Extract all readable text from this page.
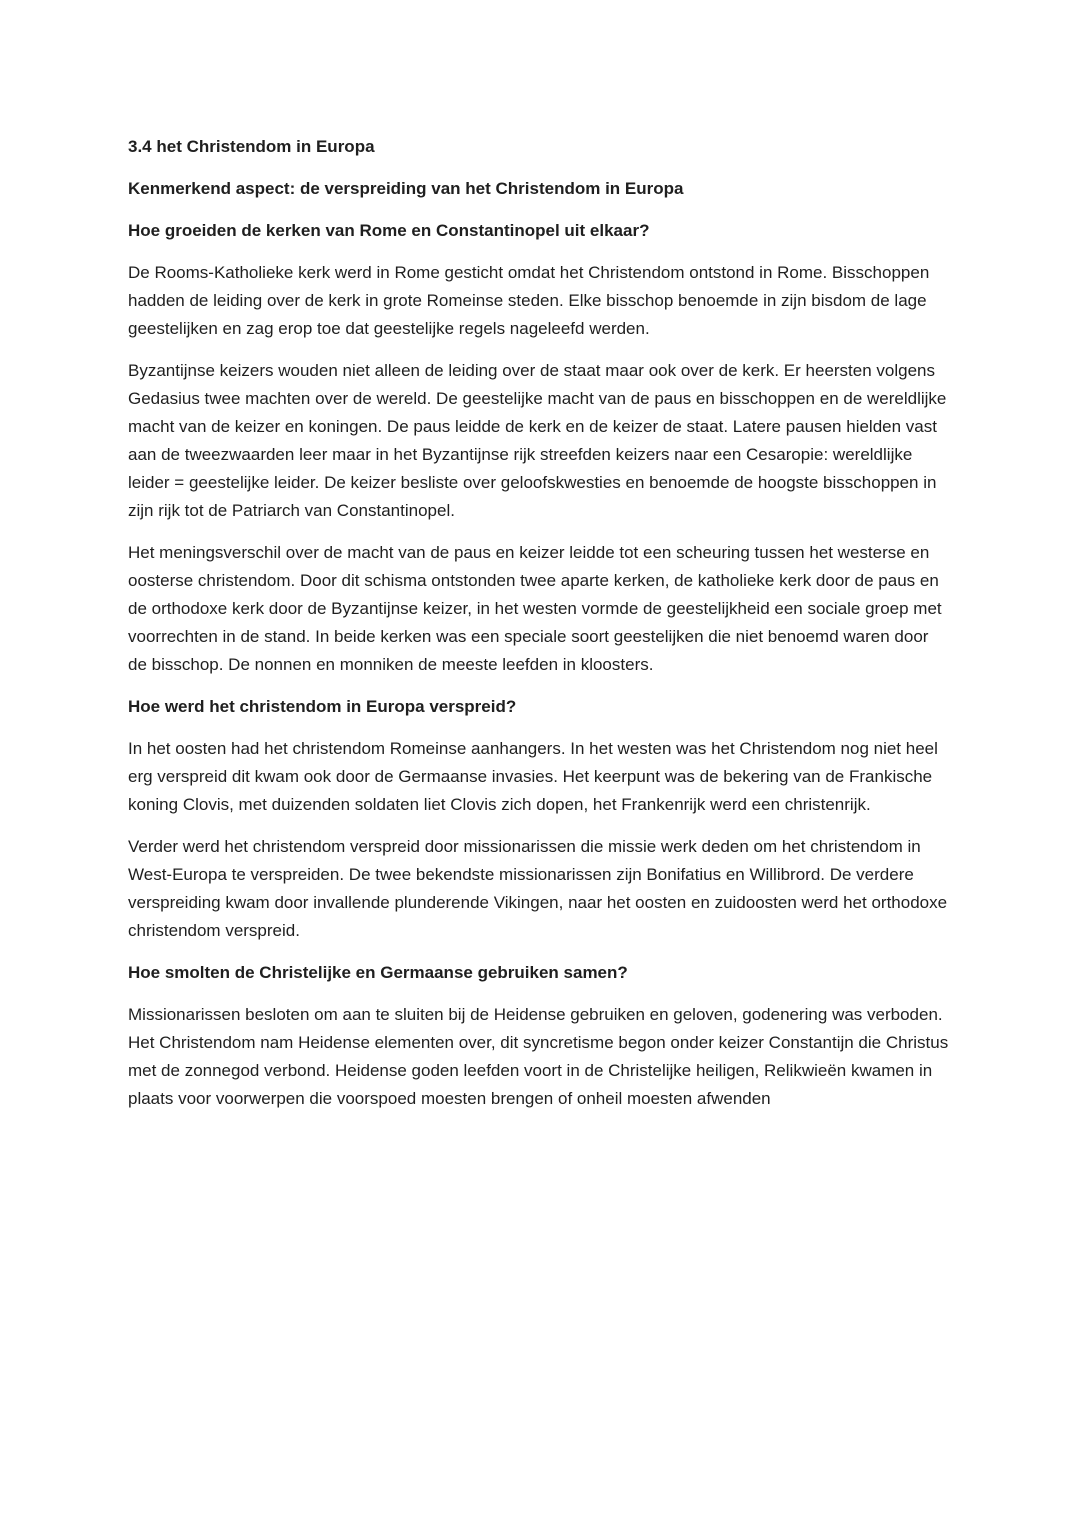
3.4 het Christendom in Europa
Kenmerkend aspect: de verspreiding van het Christendom in Europa
Hoe groeiden de kerken van Rome en Constantinopel uit elkaar?

De Rooms-Katholieke kerk werd in Rome gesticht omdat het Christendom ontstond in Rome. Bisschoppen hadden de leiding over de kerk in grote Romeinse steden. Elke bisschop benoemde in zijn bisdom de lage geestelijken en zag erop toe dat geestelijke regels nageleefd werden.

Byzantijnse keizers wouden niet alleen de leiding over de staat maar ook over de kerk. Er heersten volgens Gedasius twee machten over de wereld. De geestelijke macht van de paus en bisschoppen en de wereldlijke macht van de keizer en koningen. De paus leidde de kerk en de keizer de staat. Latere pausen hielden vast aan de tweezwaarden leer maar in het Byzantijnse rijk streefden keizers naar een Cesaropie: wereldlijke leider = geestelijke leider. De keizer besliste over geloofskwesties en benoemde de hoogste bisschoppen in zijn rijk tot de Patriarch van Constantinopel.

Het meningsverschil over de macht van de paus en keizer leidde tot een scheuring tussen het westerse en oosterse christendom. Door dit schisma ontstonden twee aparte kerken, de katholieke kerk door de paus en de orthodoxe kerk door de Byzantijnse keizer, in het westen vormde de geestelijkheid een sociale groep met voorrechten in de stand. In beide kerken was een speciale soort geestelijken die niet benoemd waren door de bisschop. De nonnen en monniken de meeste leefden in kloosters.

Hoe werd het christendom in Europa verspreid?

In het oosten had het christendom Romeinse aanhangers. In het westen was het Christendom nog niet heel erg verspreid dit kwam ook door de Germaanse invasies. Het keerpunt was de bekering van de Frankische koning Clovis, met duizenden soldaten liet Clovis zich dopen, het Frankenrijk werd een christenrijk.

Verder werd het christendom verspreid door missionarissen die missie werk deden om het christendom in West-Europa te verspreiden. De twee bekendste missionarissen zijn Bonifatius en Willibrord. De verdere verspreiding kwam door invallende plunderende Vikingen, naar het oosten en zuidoosten werd het orthodoxe christendom verspreid.

Hoe smolten de Christelijke en Germaanse gebruiken samen?

Missionarissen besloten om aan te sluiten bij de Heidense gebruiken en geloven, godenering was verboden. Het Christendom nam Heidense elementen over, dit syncretisme begon onder keizer Constantijn die Christus met de zonnegod verbond. Heidense goden leefden voort in de Christelijke heiligen, Relikwieën kwamen in plaats voor voorwerpen die voorspoed moesten brengen of onheil moesten afwenden
